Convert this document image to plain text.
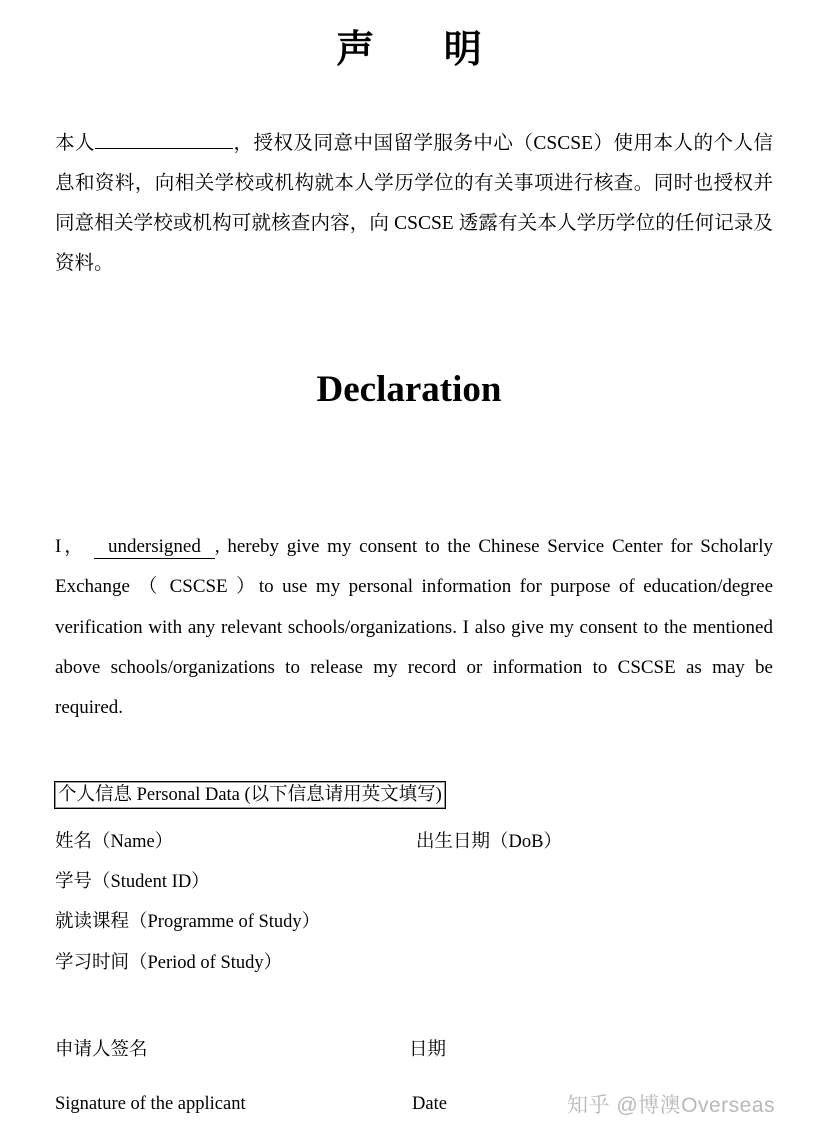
声 明
本人	，授权及同意中国留学服务中心（CSCSE）使用本人的个人信息和资料，向相关学校或机构就本人学历学位的有关事项进行核查。同时也授权并同意相关学校或机构可就核查内容，向 CSCSE 透露有关本人学历学位的任何记录及资料。
Declaration
I， undersigned , hereby give my consent to the Chinese Service Center for Scholarly Exchange （ CSCSE ）to use my personal information for purpose of education/degree verification with any relevant schools/organizations. I also give my consent to the mentioned above schools/organizations to release my record or information to CSCSE as may be required.
个人信息 Personal Data (以下信息请用英文填写)
姓名（Name）	出生日期（DoB）
学号（Student ID）
就读课程（Programme of Study）
学习时间（Period of Study）
申请人签名	日期
Signature of the applicant	Date	知乎 @博澳Overseas
